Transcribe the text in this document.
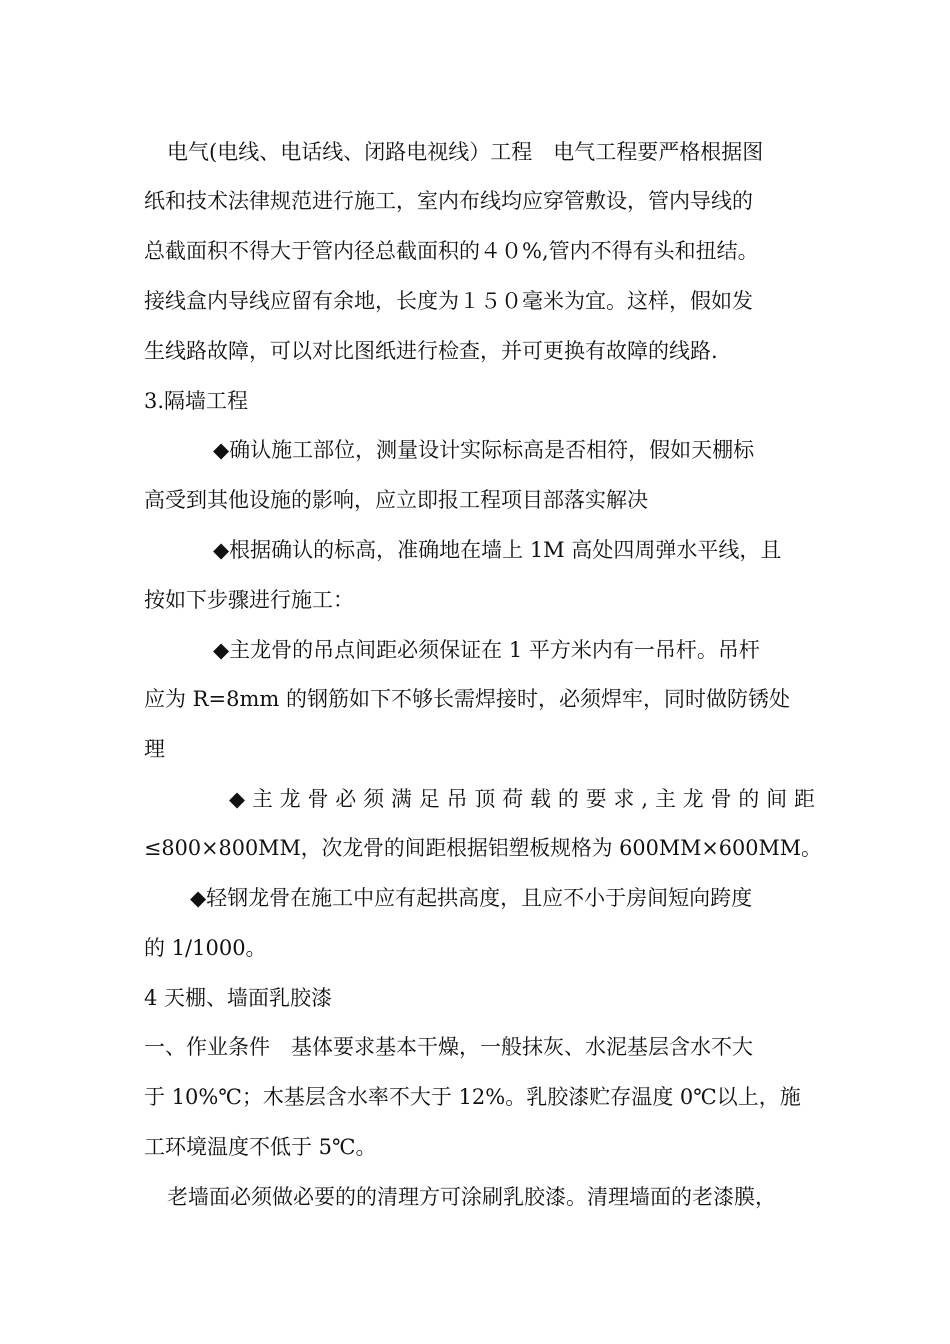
电气(电线、电话线、闭路电视线）工程　电气工程要严格根据图
纸和技术法律规范进行施工，室内布线均应穿管敷设，管内导线的
总截面积不得大于管内径总截面积的４０%,管内不得有头和扭结。
接线盒内导线应留有余地，长度为１５０毫米为宜。这样，假如发
生线路故障，可以对比图纸进行检查，并可更换有故障的线路.
3.隔墙工程
◆确认施工部位，测量设计实际标高是否相符，假如天棚标
高受到其他设施的影响，应立即报工程项目部落实解决
◆根据确认的标高，准确地在墙上 1M 高处四周弹水平线，且
按如下步骤进行施工：
◆主龙骨的吊点间距必须保证在 1 平方米内有一吊杆。吊杆
应为 R=8mm 的钢筋如下不够长需焊接时，必须焊牢，同时做防锈处
理
◆主龙骨必须满足吊顶荷载的要求,主龙骨的间距
≤800×800MM，次龙骨的间距根据铝塑板规格为 600MM×600MM。
◆轻钢龙骨在施工中应有起拱高度，且应不小于房间短向跨度
的 1/1000。
4 天棚、墙面乳胶漆
一、作业条件　基体要求基本干燥，一般抹灰、水泥基层含水不大
于 10%℃；木基层含水率不大于 12%。乳胶漆贮存温度 0℃以上，施
工环境温度不低于 5℃。
老墙面必须做必要的的清理方可涂刷乳胶漆。清理墙面的老漆膜，
